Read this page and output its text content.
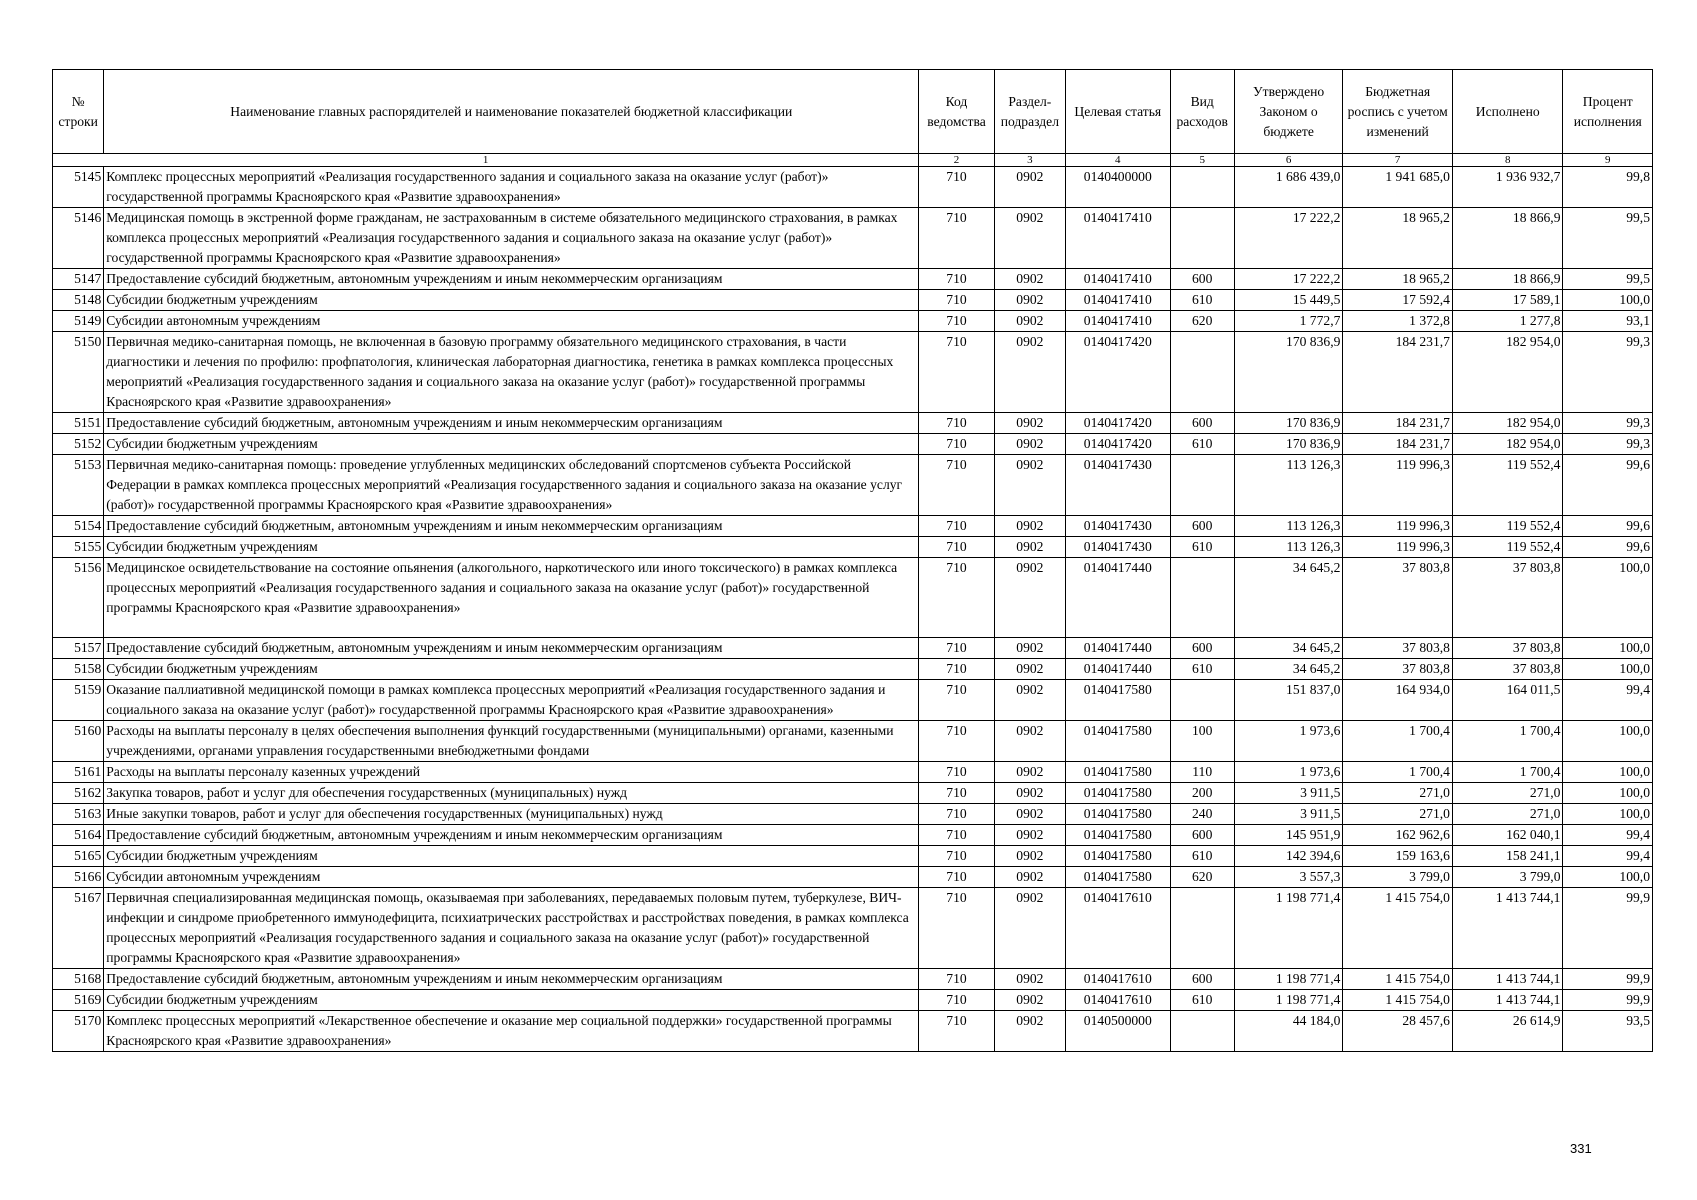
№ строки	Наименование главных распорядителей и наименование показателей бюджетной классификации	Код ведомства	Раздел-подраздел	Целевая статья	Вид расходов	Утверждено Законом о бюджете	Бюджетная роспись с учетом изменений	Исполнено	Процент исполнения
1		2	3	4	5	6	7	8	9
5145	Комплекс процессных мероприятий «Реализация государственного задания и социального заказа на оказание услуг (работ)» государственной программы Красноярского края «Развитие здравоохранения»	710	0902	0140400000		1 686 439,0	1 941 685,0	1 936 932,7	99,8
5146	Медицинская помощь в экстренной форме гражданам, не застрахованным в системе обязательного медицинского страхования, в рамках комплекса процессных мероприятий «Реализация государственного задания и социального заказа на оказание услуг (работ)» государственной программы Красноярского края «Развитие здравоохранения»	710	0902	0140417410		17 222,2	18 965,2	18 866,9	99,5
5147	Предоставление субсидий бюджетным, автономным учреждениям и иным некоммерческим организациям	710	0902	0140417410	600	17 222,2	18 965,2	18 866,9	99,5
5148	Субсидии бюджетным учреждениям	710	0902	0140417410	610	15 449,5	17 592,4	17 589,1	100,0
5149	Субсидии автономным учреждениям	710	0902	0140417410	620	1 772,7	1 372,8	1 277,8	93,1
5150	Первичная медико-санитарная помощь, не включенная в базовую программу обязательного медицинского страхования, в части диагностики и лечения по профилю: профпатология, клиническая лабораторная диагностика, генетика в рамках комплекса процессных мероприятий «Реализация государственного задания и социального заказа на оказание услуг (работ)» государственной программы Красноярского края «Развитие здравоохранения»	710	0902	0140417420		170 836,9	184 231,7	182 954,0	99,3
5151	Предоставление субсидий бюджетным, автономным учреждениям и иным некоммерческим организациям	710	0902	0140417420	600	170 836,9	184 231,7	182 954,0	99,3
5152	Субсидии бюджетным учреждениям	710	0902	0140417420	610	170 836,9	184 231,7	182 954,0	99,3
5153	Первичная медико-санитарная помощь: проведение углубленных медицинских обследований спортсменов субъекта Российской Федерации в рамках комплекса процессных мероприятий «Реализация государственного задания и социального заказа на оказание услуг (работ)» государственной программы Красноярского края «Развитие здравоохранения»	710	0902	0140417430		113 126,3	119 996,3	119 552,4	99,6
5154	Предоставление субсидий бюджетным, автономным учреждениям и иным некоммерческим организациям	710	0902	0140417430	600	113 126,3	119 996,3	119 552,4	99,6
5155	Субсидии бюджетным учреждениям	710	0902	0140417430	610	113 126,3	119 996,3	119 552,4	99,6
5156	Медицинское освидетельствование на состояние опьянения (алкогольного, наркотического или иного токсического) в рамках комплекса процессных мероприятий «Реализация государственного задания и социального заказа на оказание услуг (работ)» государственной программы Красноярского края «Развитие здравоохранения»	710	0902	0140417440		34 645,2	37 803,8	37 803,8	100,0
5157	Предоставление субсидий бюджетным, автономным учреждениям и иным некоммерческим организациям	710	0902	0140417440	600	34 645,2	37 803,8	37 803,8	100,0
5158	Субсидии бюджетным учреждениям	710	0902	0140417440	610	34 645,2	37 803,8	37 803,8	100,0
5159	Оказание паллиативной медицинской помощи в рамках комплекса процессных мероприятий «Реализация государственного задания и социального заказа на оказание услуг (работ)» государственной программы Красноярского края «Развитие здравоохранения»	710	0902	0140417580		151 837,0	164 934,0	164 011,5	99,4
5160	Расходы на выплаты персоналу в целях обеспечения выполнения функций государственными (муниципальными) органами, казенными учреждениями, органами управления государственными внебюджетными фондами	710	0902	0140417580	100	1 973,6	1 700,4	1 700,4	100,0
5161	Расходы на выплаты персоналу казенных учреждений	710	0902	0140417580	110	1 973,6	1 700,4	1 700,4	100,0
5162	Закупка товаров, работ и услуг для обеспечения государственных (муниципальных) нужд	710	0902	0140417580	200	3 911,5	271,0	271,0	100,0
5163	Иные закупки товаров, работ и услуг для обеспечения государственных (муниципальных) нужд	710	0902	0140417580	240	3 911,5	271,0	271,0	100,0
5164	Предоставление субсидий бюджетным, автономным учреждениям и иным некоммерческим организациям	710	0902	0140417580	600	145 951,9	162 962,6	162 040,1	99,4
5165	Субсидии бюджетным учреждениям	710	0902	0140417580	610	142 394,6	159 163,6	158 241,1	99,4
5166	Субсидии автономным учреждениям	710	0902	0140417580	620	3 557,3	3 799,0	3 799,0	100,0
5167	Первичная специализированная медицинская помощь, оказываемая при заболеваниях, передаваемых половым путем, туберкулезе, ВИЧ-инфекции и синдроме приобретенного иммунодефицита, психиатрических расстройствах и расстройствах поведения, в рамках комплекса процессных мероприятий «Реализация государственного задания и социального заказа на оказание услуг (работ)» государственной программы Красноярского края «Развитие здравоохранения»	710	0902	0140417610		1 198 771,4	1 415 754,0	1 413 744,1	99,9
5168	Предоставление субсидий бюджетным, автономным учреждениям и иным некоммерческим организациям	710	0902	0140417610	600	1 198 771,4	1 415 754,0	1 413 744,1	99,9
5169	Субсидии бюджетным учреждениям	710	0902	0140417610	610	1 198 771,4	1 415 754,0	1 413 744,1	99,9
5170	Комплекс процессных мероприятий «Лекарственное обеспечение и оказание мер социальной поддержки» государственной программы Красноярского края «Развитие здравоохранения»	710	0902	0140500000		44 184,0	28 457,6	26 614,9	93,5
331
